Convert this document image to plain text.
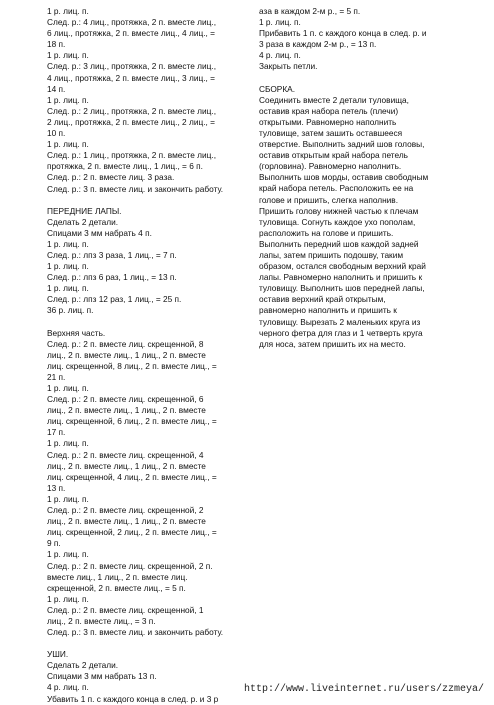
1 р. лиц. п.
След. р.: 4 лиц., протяжка, 2 п. вместе лиц.,
6 лиц., протяжка, 2 п. вместе лиц., 4 лиц., =
18 п.
1 р. лиц. п.
След. р.: 3 лиц., протяжка, 2 п. вместе лиц.,
4 лиц., протяжка, 2 п. вместе лиц., 3 лиц., =
14 п.
1 р. лиц. п.
След. р.: 2 лиц., протяжка, 2 п. вместе лиц.,
2 лиц., протяжка, 2 п. вместе лиц., 2 лиц., =
10 п.
1 р. лиц. п.
След. р.: 1 лиц., протяжка, 2 п. вместе лиц.,
протяжка, 2 п. вместе лиц., 1 лиц., = 6 п.
След. р.: 2 п. вместе лиц. 3 раза.
След. р.: 3 п. вместе лиц. и закончить работу.
ПЕРЕДНИЕ ЛАПЫ.
Сделать 2 детали.
Спицами 3 мм набрать 4 п.
1 р. лиц. п.
След. р.: лпз 3 раза, 1 лиц., = 7 п.
1 р. лиц. п.
След. р.: лпз 6 раз, 1 лиц., = 13 п.
1 р. лиц. п.
След. р.: лпз 12 раз, 1 лиц., = 25 п.
36 р. лиц. п.
Верхняя часть.
След. р.: 2 п. вместе лиц. скрещенной, 8
лиц., 2 п. вместе лиц., 1 лиц., 2 п. вместе
лиц. скрещенной, 8 лиц., 2 п. вместе лиц., =
21 п.
1 р. лиц. п.
След. р.: 2 п. вместе лиц. скрещенной, 6
лиц., 2 п. вместе лиц., 1 лиц., 2 п. вместе
лиц. скрещенной, 6 лиц., 2 п. вместе лиц., =
17 п.
1 р. лиц. п.
След. р.: 2 п. вместе лиц. скрещенной, 4
лиц., 2 п. вместе лиц., 1 лиц., 2 п. вместе
лиц. скрещенной, 4 лиц., 2 п. вместе лиц., =
13 п.
1 р. лиц. п.
След. р.: 2 п. вместе лиц. скрещенной, 2
лиц., 2 п. вместе лиц., 1 лиц., 2 п. вместе
лиц. скрещенной, 2 лиц., 2 п. вместе лиц., =
9 п.
1 р. лиц. п.
След. р.: 2 п. вместе лиц. скрещенной, 2 п.
вместе лиц., 1 лиц., 2 п. вместе лиц.
скрещенной, 2 п. вместе лиц., = 5 п.
1 р. лиц. п.
След. р.: 2 п. вместе лиц. скрещенной, 1
лиц., 2 п. вместе лиц., = 3 п.
След. р.: 3 п. вместе лиц. и закончить работу.
УШИ.
Сделать 2 детали.
Спицами 3 мм набрать 13 п.
4 р. лиц. п.
Убавить 1 п. с каждого конца в след. р. и 3 р
аза в каждом 2-м р., = 5 п.
1 р. лиц. п.
Прибавить 1 п. с каждого конца в след. р. и
3 раза в каждом 2-м р., = 13 п.
4 р. лиц. п.
Закрыть петли.
СБОРКА.
Соединить вместе 2 детали туловища,
оставив края набора петель (плечи)
открытыми. Равномерно наполнить
туловище, затем зашить оставшееся
отверстие. Выполнить задний шов головы,
оставив открытым край набора петель
(горловина). Равномерно наполнить.
Выполнить шов морды, оставив свободным
край набора петель. Расположить ее на
голове и пришить, слегка наполнив.
Пришить голову нижней частью к плечам
туловища. Согнуть каждое ухо пополам,
расположить на голове и пришить.
Выполнить передний шов каждой задней
лапы, затем пришить подошву, таким
образом, остался свободным верхний край
лапы. Равномерно наполнить и пришить к
туловищу. Выполнить шов передней лапы,
оставив верхний край открытым,
равномерно наполнить и пришить к
туловищу. Вырезать 2 маленьких круга из
черного фетра для глаз и 1 четверть круга
для носа, затем пришить их на место.
http://www.liveinternet.ru/users/zzmeya/
